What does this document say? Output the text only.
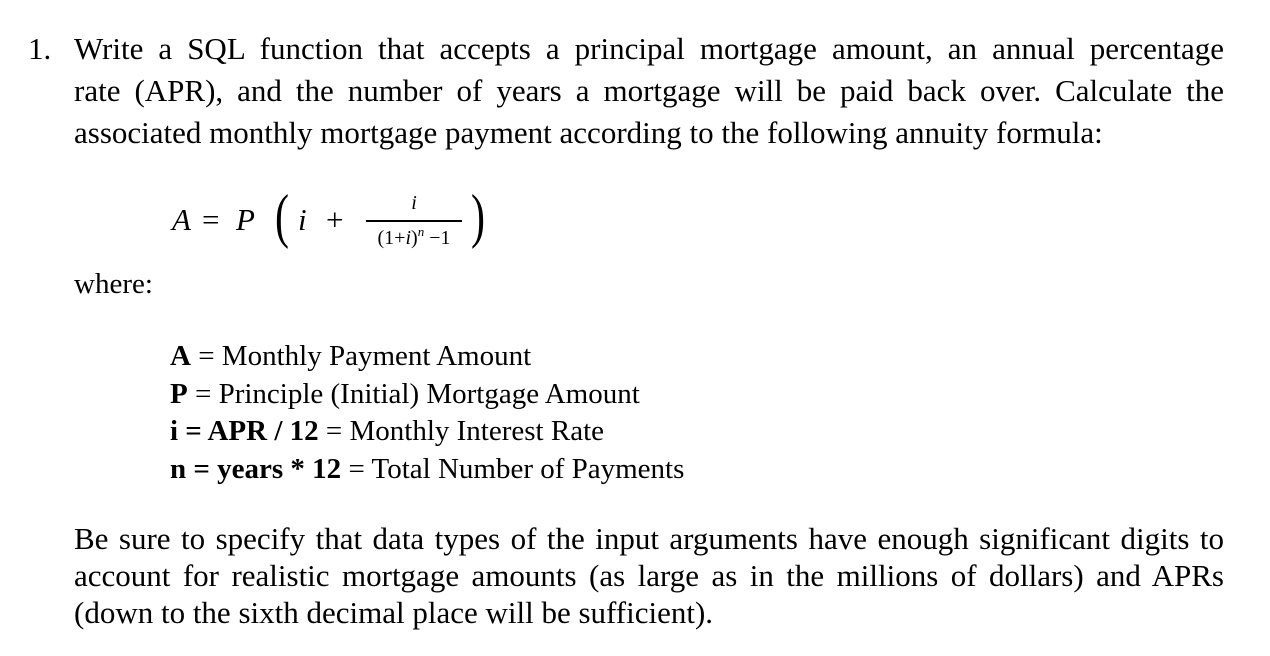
1. Write a SQL function that accepts a principal mortgage amount, an annual percentage
rate (APR), and the number of years a mortgage will be paid back over. Calculate the
associated monthly mortgage payment according to the following annuity formula:
A = P ( i +	i
$(1+i)^n -1$ )
where:
A = Monthly Payment Amount
P = Principle (Initial) Mortgage Amount
i = APR / 12 = Monthly Interest Rate
n = years * 12 = Total Number of Payments
Be sure to specify that data types of the input arguments have enough significant digits to
account for realistic mortgage amounts (as large as in the millions of dollars) and APRs
(down to the sixth decimal place will be sufficient).
